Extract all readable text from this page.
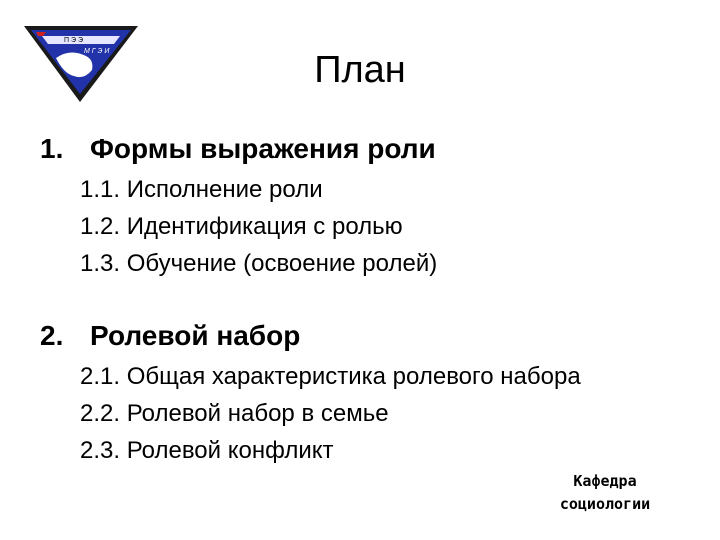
П Э Э
М Г Э И	План
1. Формы выражения роли
1.1. Исполнение роли
1.2. Идентификация с ролью
1.3. Обучение (освоение ролей)
2. Ролевой набор
2.1. Общая характеристика ролевого набора
2.2. Ролевой набор в семье
2.3. Ролевой конфликт
Кафедра
социологии
